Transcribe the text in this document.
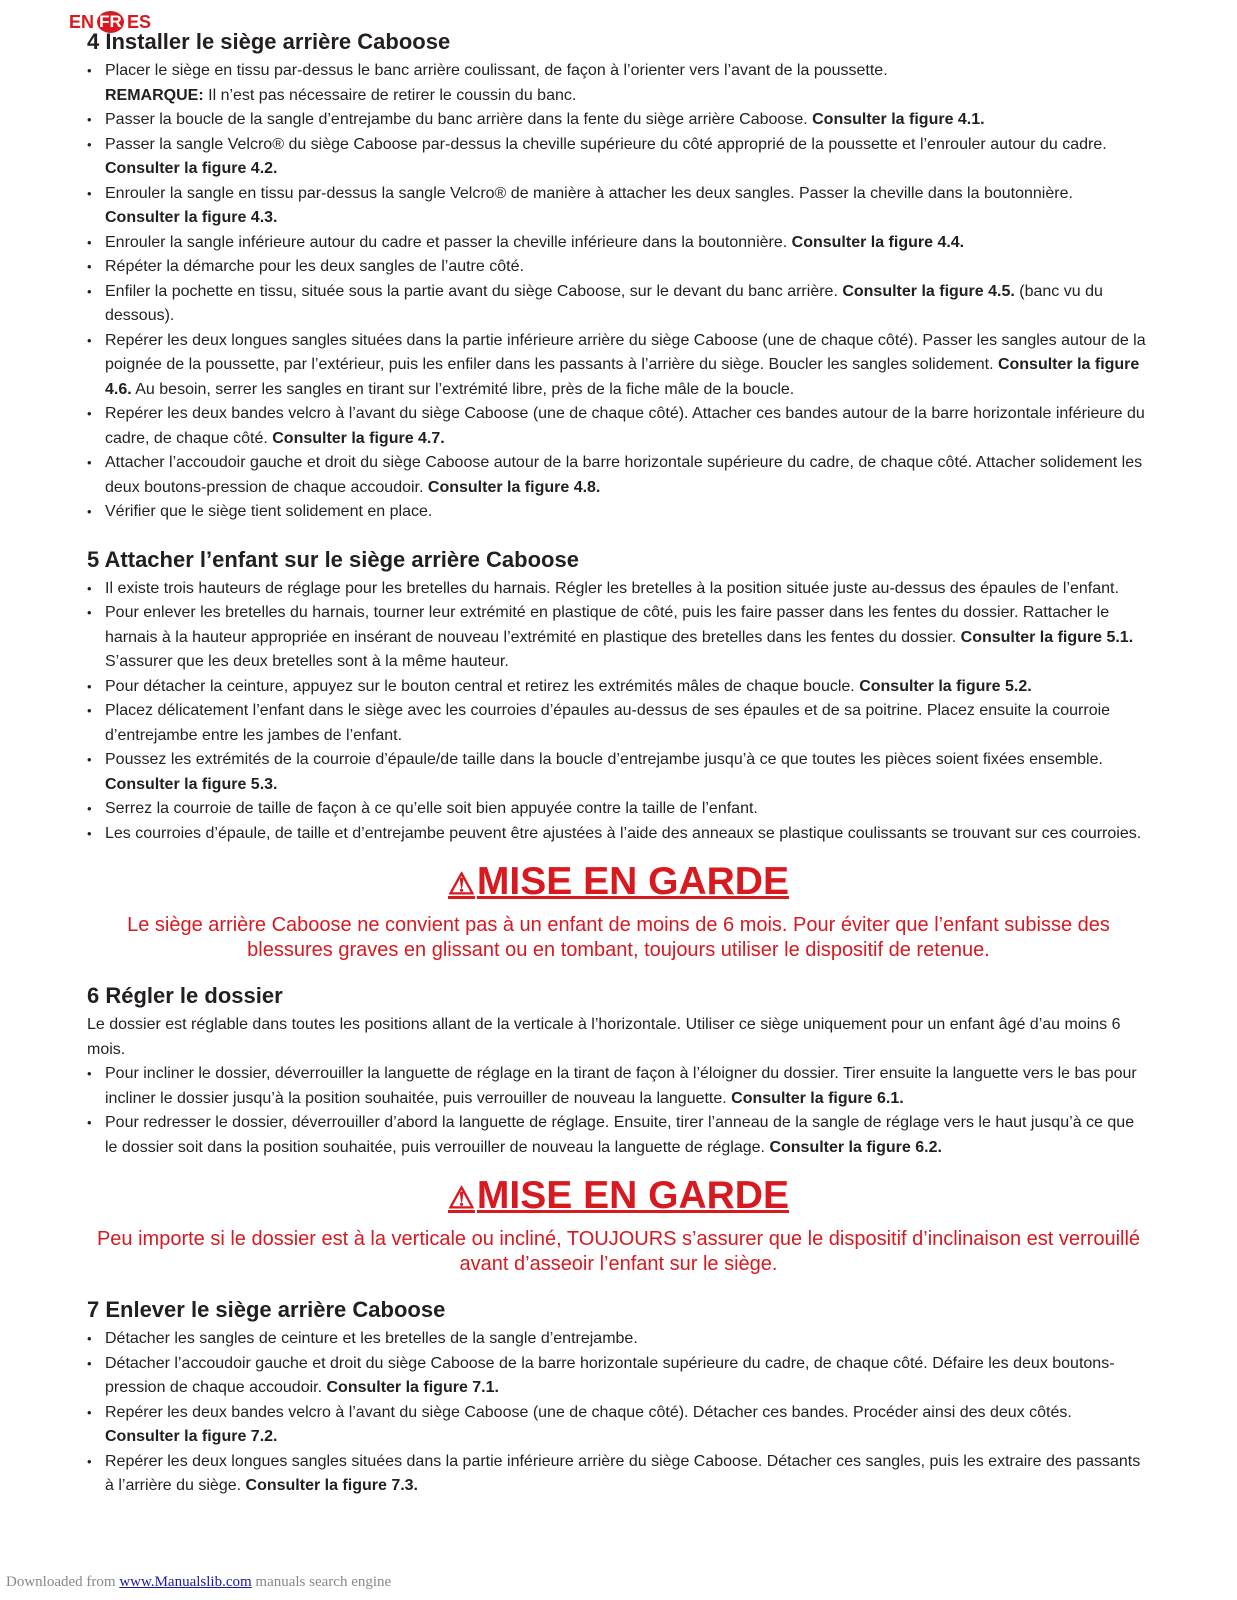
EN FR ES
4 Installer le siège arrière Caboose
• Placer le siège en tissu par-dessus le banc arrière coulissant, de façon à l’orienter vers l’avant de la poussette.
REMARQUE: Il n’est pas nécessaire de retirer le coussin du banc.
• Passer la boucle de la sangle d’entrejambe du banc arrière dans la fente du siège arrière Caboose. Consulter la figure 4.1.
• Passer la sangle Velcro® du siège Caboose par-dessus la cheville supérieure du côté approprié de la poussette et l’enrouler autour du cadre. Consulter la figure 4.2.
• Enrouler la sangle en tissu par-dessus la sangle Velcro® de manière à attacher les deux sangles. Passer la cheville dans la boutonnière. Consulter la figure 4.3.
• Enrouler la sangle inférieure autour du cadre et passer la cheville inférieure dans la boutonnière. Consulter la figure 4.4.
• Répéter la démarche pour les deux sangles de l’autre côté.
• Enfiler la pochette en tissu, située sous la partie avant du siège Caboose, sur le devant du banc arrière. Consulter la figure 4.5. (banc vu du dessous).
• Repérer les deux longues sangles situées dans la partie inférieure arrière du siège Caboose (une de chaque côté). Passer les sangles autour de la poignée de la poussette, par l’extérieur, puis les enfiler dans les passants à l’arrière du siège. Boucler les sangles solidement. Consulter la figure 4.6. Au besoin, serrer les sangles en tirant sur l’extrémité libre, près de la fiche mâle de la boucle.
• Repérer les deux bandes velcro à l’avant du siège Caboose (une de chaque côté). Attacher ces bandes autour de la barre horizontale inférieure du cadre, de chaque côté. Consulter la figure 4.7.
• Attacher l’accoudoir gauche et droit du siège Caboose autour de la barre horizontale supérieure du cadre, de chaque côté. Attacher solidement les deux boutons-pression de chaque accoudoir. Consulter la figure 4.8.
• Vérifier que le siège tient solidement en place.
5 Attacher l’enfant sur le siège arrière Caboose
• Il existe trois hauteurs de réglage pour les bretelles du harnais. Régler les bretelles à la position située juste au-dessus des épaules de l’enfant.
• Pour enlever les bretelles du harnais, tourner leur extrémité en plastique de côté, puis les faire passer dans les fentes du dossier. Rattacher le harnais à la hauteur appropriée en insérant de nouveau l’extrémité en plastique des bretelles dans les fentes du dossier. Consulter la figure 5.1. S’assurer que les deux bretelles sont à la même hauteur.
• Pour détacher la ceinture, appuyez sur le bouton central et retirez les extrémités mâles de chaque boucle. Consulter la figure 5.2.
• Placez délicatement l’enfant dans le siège avec les courroies d’épaules au-dessus de ses épaules et de sa poitrine. Placez ensuite la courroie d’entrejambe entre les jambes de l’enfant.
• Poussez les extrémités de la courroie d’épaule/de taille dans la boucle d’entrejambe jusqu’à ce que toutes les pièces soient fixées ensemble. Consulter la figure 5.3.
• Serrez la courroie de taille de façon à ce qu’elle soit bien appuyée contre la taille de l’enfant.
• Les courroies d’épaule, de taille et d’entrejambe peuvent être ajustées à l’aide des anneaux se plastique coulissants se trouvant sur ces courroies.
⚠ MISE EN GARDE
Le siège arrière Caboose ne convient pas à un enfant de moins de 6 mois. Pour éviter que l’enfant subisse des blessures graves en glissant ou en tombant, toujours utiliser le dispositif de retenue.
6 Régler le dossier

Le dossier est réglable dans toutes les positions allant de la verticale à l’horizontale. Utiliser ce siège uniquement pour un enfant âgé d’au moins 6 mois.

• Pour incliner le dossier, déverrouiller la languette de réglage en la tirant de façon à l’éloigner du dossier. Tirer ensuite la languette vers le bas pour incliner le dossier jusqu’à la position souhaitée, puis verrouiller de nouveau la languette. Consulter la figure 6.1.
• Pour redresser le dossier, déverrouiller d’abord la languette de réglage. Ensuite, tirer l’anneau de la sangle de réglage vers le haut jusqu’à ce que le dossier soit dans la position souhaitée, puis verrouiller de nouveau la languette de réglage. Consulter la figure 6.2.
⚠ MISE EN GARDE
Peu importe si le dossier est à la verticale ou incliné, TOUJOURS s’assurer que le dispositif d’inclinaison est verrouillé avant d’asseoir l’enfant sur le siège.
7 Enlever le siège arrière Caboose
• Détacher les sangles de ceinture et les bretelles de la sangle d’entrejambe.
• Détacher l’accoudoir gauche et droit du siège Caboose de la barre horizontale supérieure du cadre, de chaque côté. Défaire les deux boutons-pression de chaque accoudoir. Consulter la figure 7.1.
• Repérer les deux bandes velcro à l’avant du siège Caboose (une de chaque côté). Détacher ces bandes. Procéder ainsi des deux côtés. Consulter la figure 7.2.
• Repérer les deux longues sangles situées dans la partie inférieure arrière du siège Caboose. Détacher ces sangles, puis les extraire des passants à l’arrière du siège. Consulter la figure 7.3.
Downloaded from www.Manualslib.com manuals search engine
